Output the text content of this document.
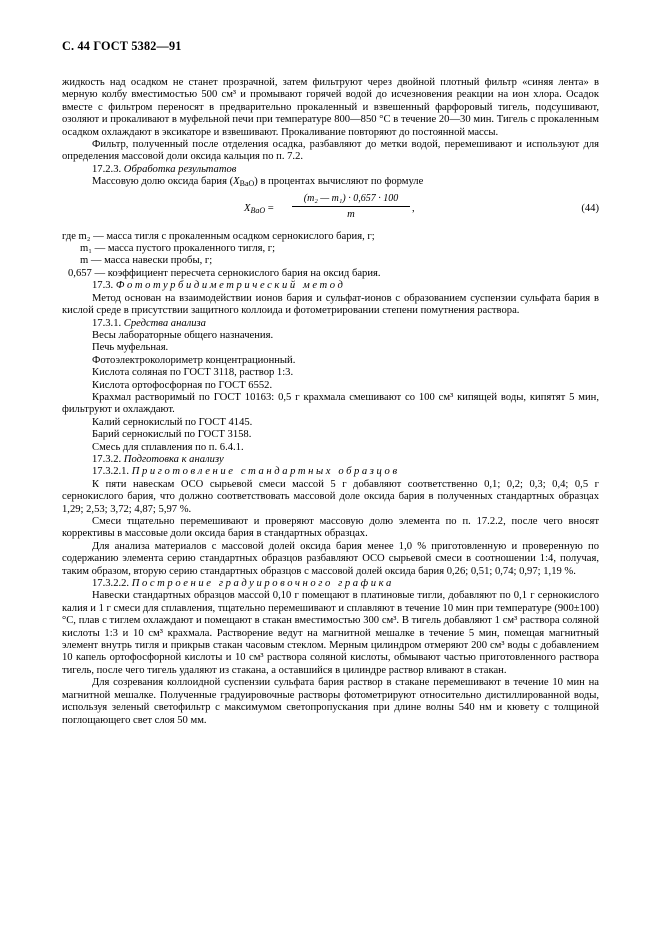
С. 44 ГОСТ 5382—91

жидкость над осадком не станет прозрачной, затем фильтруют через двойной плотный фильтр «синяя лента» в мерную колбу вместимостью 500 см³ и промывают горячей водой до исчезновения реакции на ион хлора. Осадок вместе с фильтром переносят в предварительно прокаленный и взвешенный фарфоровый тигель, подсушивают, озоляют и прокаливают в муфельной печи при температуре 800—850 °С в течение 20—30 мин. Тигель с прокаленным осадком охлаждают в эксикаторе и взвешивают. Прокаливание повторяют до постоянной массы.

Фильтр, полученный после отделения осадка, разбавляют до метки водой, перемешивают и используют для определения массовой доли оксида кальция по п. 7.2.

17.2.3. Обработка результатов

Массовую долю оксида бария $(X_{BaO})$ в процентах вычисляют по формуле

$X_{BaO} = \frac{\text{(m₂ — m₁) · 0,657 · 100}}{m}$ ,	(44)

где m₂ — масса тигля с прокаленным осадком сернокислого бария, г;

m₁ — масса пустого прокаленного тигля, г;

m — масса навески пробы, г;

0,657 — коэффициент пересчета сернокислого бария на оксид бария.

17.3. Фототурбидиметрический метод

Метод основан на взаимодействии ионов бария и сульфат-ионов с образованием суспензии сульфата бария в кислой среде в присутствии защитного коллоида и фотометрировании степени помутнения раствора.

17.3.1. Средства анализа

Весы лабораторные общего назначения.

Печь муфельная.

Фотоэлектроколориметр концентрационный.

Кислота соляная по ГОСТ 3118, раствор 1:3.

Кислота ортофосфорная по ГОСТ 6552.

Крахмал растворимый по ГОСТ 10163: 0,5 г крахмала смешивают со 100 см³ кипящей воды, кипятят 5 мин, фильтруют и охлаждают.

Калий сернокислый по ГОСТ 4145.

Барий сернокислый по ГОСТ 3158.

Смесь для сплавления по п. 6.4.1.

17.3.2. Подготовка к анализу

17.3.2.1. Приготовление стандартных образцов

К пяти навескам ОСО сырьевой смеси массой 5 г добавляют соответственно 0,1; 0,2; 0,3; 0,4; 0,5 г сернокислого бария, что должно соответствовать массовой доле оксида бария в полученных стандартных образцах 1,29; 2,53; 3,72; 4,87; 5,97 %.

Смеси тщательно перемешивают и проверяют массовую долю элемента по п. 17.2.2, после чего вносят коррективы в массовые доли оксида бария в стандартных образцах.

Для анализа материалов с массовой долей оксида бария менее 1,0 % приготовленную и проверенную по содержанию элемента серию стандартных образцов разбавляют ОСО сырьевой смеси в соотношении 1:4, получая, таким образом, вторую серию стандартных образцов с массовой долей оксида бария 0,26; 0,51; 0,74; 0,97; 1,19 %.

17.3.2.2. Построение градуировочного графика

Навески стандартных образцов массой 0,10 г помещают в платиновые тигли, добавляют по 0,1 г сернокислого калия и 1 г смеси для сплавления, тщательно перемешивают и сплавляют в течение 10 мин при температуре (900±100) °С, плав с тиглем охлаждают и помещают в стакан вместимостью 300 см³. В тигель добавляют 1 см³ раствора соляной кислоты 1:3 и 10 см³ крахмала. Растворение ведут на магнитной мешалке в течение 5 мин, помещая магнитный элемент внутрь тигля и прикрыв стакан часовым стеклом. Мерным цилиндром отмеряют 200 см³ воды с добавлением 10 капель ортофосфорной кислоты и 10 см³ раствора соляной кислоты, обмывают частью приготовленного раствора тигель, после чего тигель удаляют из стакана, а оставшийся в цилиндре раствор вливают в стакан.

Для созревания коллоидной суспензии сульфата бария раствор в стакане перемешивают в течение 10 мин на магнитной мешалке. Полученные градуировочные растворы фотометрируют относительно дистиллированной воды, используя зеленый светофильтр с максимумом светопропускания при длине волны 540 нм и кювету с толщиной поглощающего свет слоя 50 мм.
